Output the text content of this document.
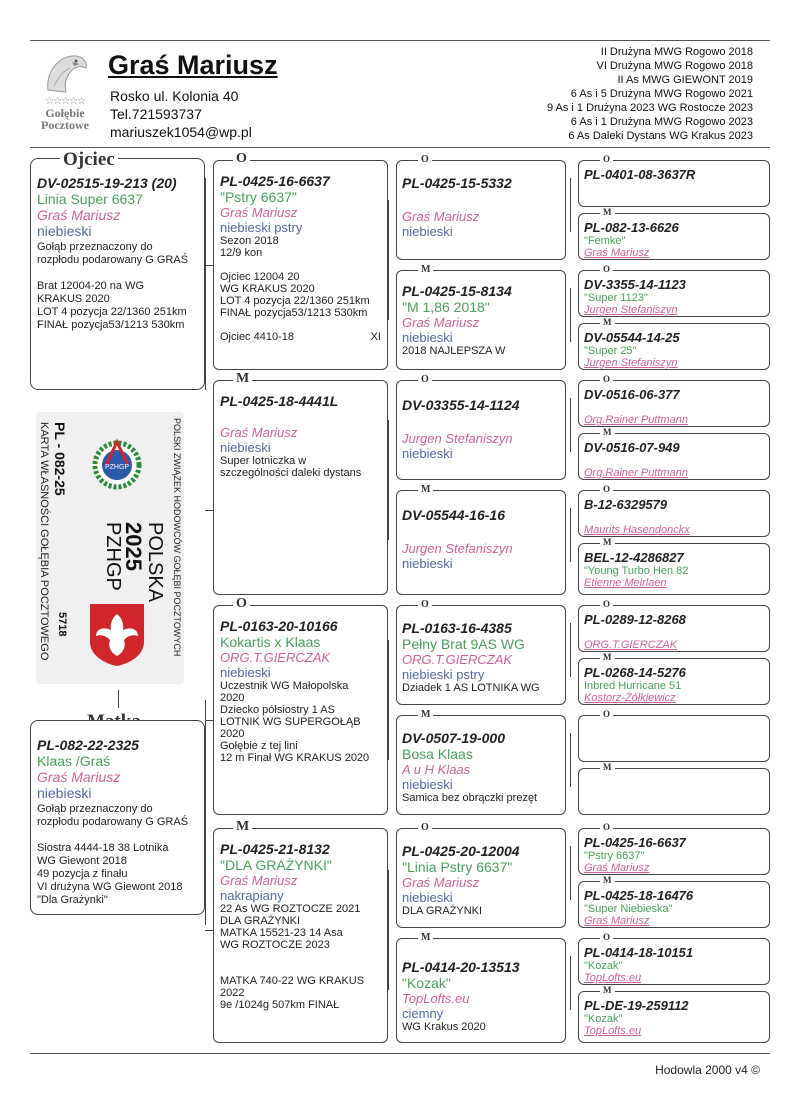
☆☆☆☆☆
Gołębie
Pocztowe
Graś Mariusz
Rosko ul. Kolonia 40
Tel.721593737
mariuszek1054@wp.pl
II Drużyna MWG Rogowo 2018
VI Drużyna MWG Rogowo 2018
II As MWG GIEWONT 2019
6 As i 5 Drużyna MWG Rogowo 2021
9 As i 1 Drużyna 2023 WG Rostocze 2023
6 As i 1 Drużyna MWG Rogowo 2023
6 As Daleki Dystans WG Krakus 2023
DV-02515-19-213 (20)
Linia Super 6637
Graś Mariusz
niebieski
Gołąb przeznaczony do
rozpłodu podarowany G GRAŚ
Brat 12004-20 na WG
KRAKUS 2020
LOT 4 pozycja 22/1360 251km
FINAŁ pozycja53/1213 530km
Ojciec
POLSKI ZWIĄZEK HODOWCÓW GOŁĘBI POCZTOWYCH
KARTA WŁASNOŚCI GOŁĘBIA POCZTOWEGO PL - 082-25
POLSKA
2025
PZHGP
5718
PZHGP
PL-082-22-2325
Klaas /Graś
Graś Mariusz
niebieski
Gołąb przeznaczony do
rozpłodu podarowany G GRAŚ
Siostra 4444-18 38 Lotnika
WG Giewont 2018
49 pozycja z finału
VI drużyna WG Giewont 2018
"Dla Grażynki"
PL-0425-16-6637
"Pstry 6637"
Graś Mariusz
niebieski pstry
Sezon 2018
12/9 kon
Ojciec 12004 20
WG KRAKUS 2020
LOT 4 pozycja 22/1360 251km
FINAŁ pozycja53/1213 530km
Ojciec 4410-18	XI
O
PL-0425-18-4441L
Graś Mariusz
niebieski
Super lotniczka w
szczególności daleki dystans
M
PL-0163-20-10166
Kokartis x Klaas
ORG.T.GIERCZAK
niebieski
Uczestnik WG Małopolska
2020
Dziecko półsiostry 1 AS
LOTNIK WG SUPERGOŁĄB
2020
Gołębie z tej lini
12 m Finał WG KRAKUS 2020
O
PL-0425-21-8132
"DLA GRAŻYNKI"
Graś Mariusz
nakrapiany
22 As WG ROZTOCZE 2021
DLA GRAŻYNKI
MATKA 15521-23 14 Asa
WG ROZTOCZE 2023
MATKA 740-22 WG KRAKUS
2022
9e /1024g 507km FINAŁ
M
PL-0425-15-5332
Graś Mariusz
niebieski
O
PL-0425-15-8134
"M 1,86 2018"
Graś Mariusz
niebieski
2018 NAJLEPSZA W
M
DV-03355-14-1124
Jurgen Stefaniszyn
niebieski
O
DV-05544-16-16
Jurgen Stefaniszyn
niebieski
M
PL-0163-16-4385
Pełny Brat 9AS WG
ORG.T.GIERCZAK
niebieski pstry
Dziadek 1 AS LOTNIKA WG
O
DV-0507-19-000
Bosa Klaas
A u H Klaas
niebieski
Samica bez obrączki prezęt
M
PL-0425-20-12004
"Linia Pstry 6637"
Graś Mariusz
niebieski
DLA GRAŻYNKI
O
PL-0414-20-13513
"Kozak"
TopLofts.eu
ciemny
WG Krakus 2020
M
PL-0401-08-3637R
O
PL-082-13-6626
"Femke"
Graś Mariusz
M
DV-3355-14-1123
"Super 1123"
Jurgen Stefaniszyn
O
DV-05544-14-25
"Super 25"
Jurgen Stefaniszyn
M
DV-0516-06-377
Org.Rainer Puttmann
O
DV-0516-07-949
Org.Rainer Puttmann
M
B-12-6329579
Maurits Hasendonckx
O
BEL-12-4286827
"Young Turbo Hen 82
Etienne Meirlaen
M
PL-0289-12-8268
ORG.T.GIERCZAK
O
PL-0268-14-5276
Inbred Hurricane 51
Kostorz-Żółkiewicz
M
O
M
PL-0425-16-6637
"Pstry 6637"
Graś Mariusz
O
PL-0425-18-16476
"Super Niebieska"
Graś Mariusz
M
PL-0414-18-10151
"Kozak"
TopLofts.eu
O
PL-DE-19-259112
"Kozak"
TopLofts.eu
M
Hodowla 2000 v4 ©
